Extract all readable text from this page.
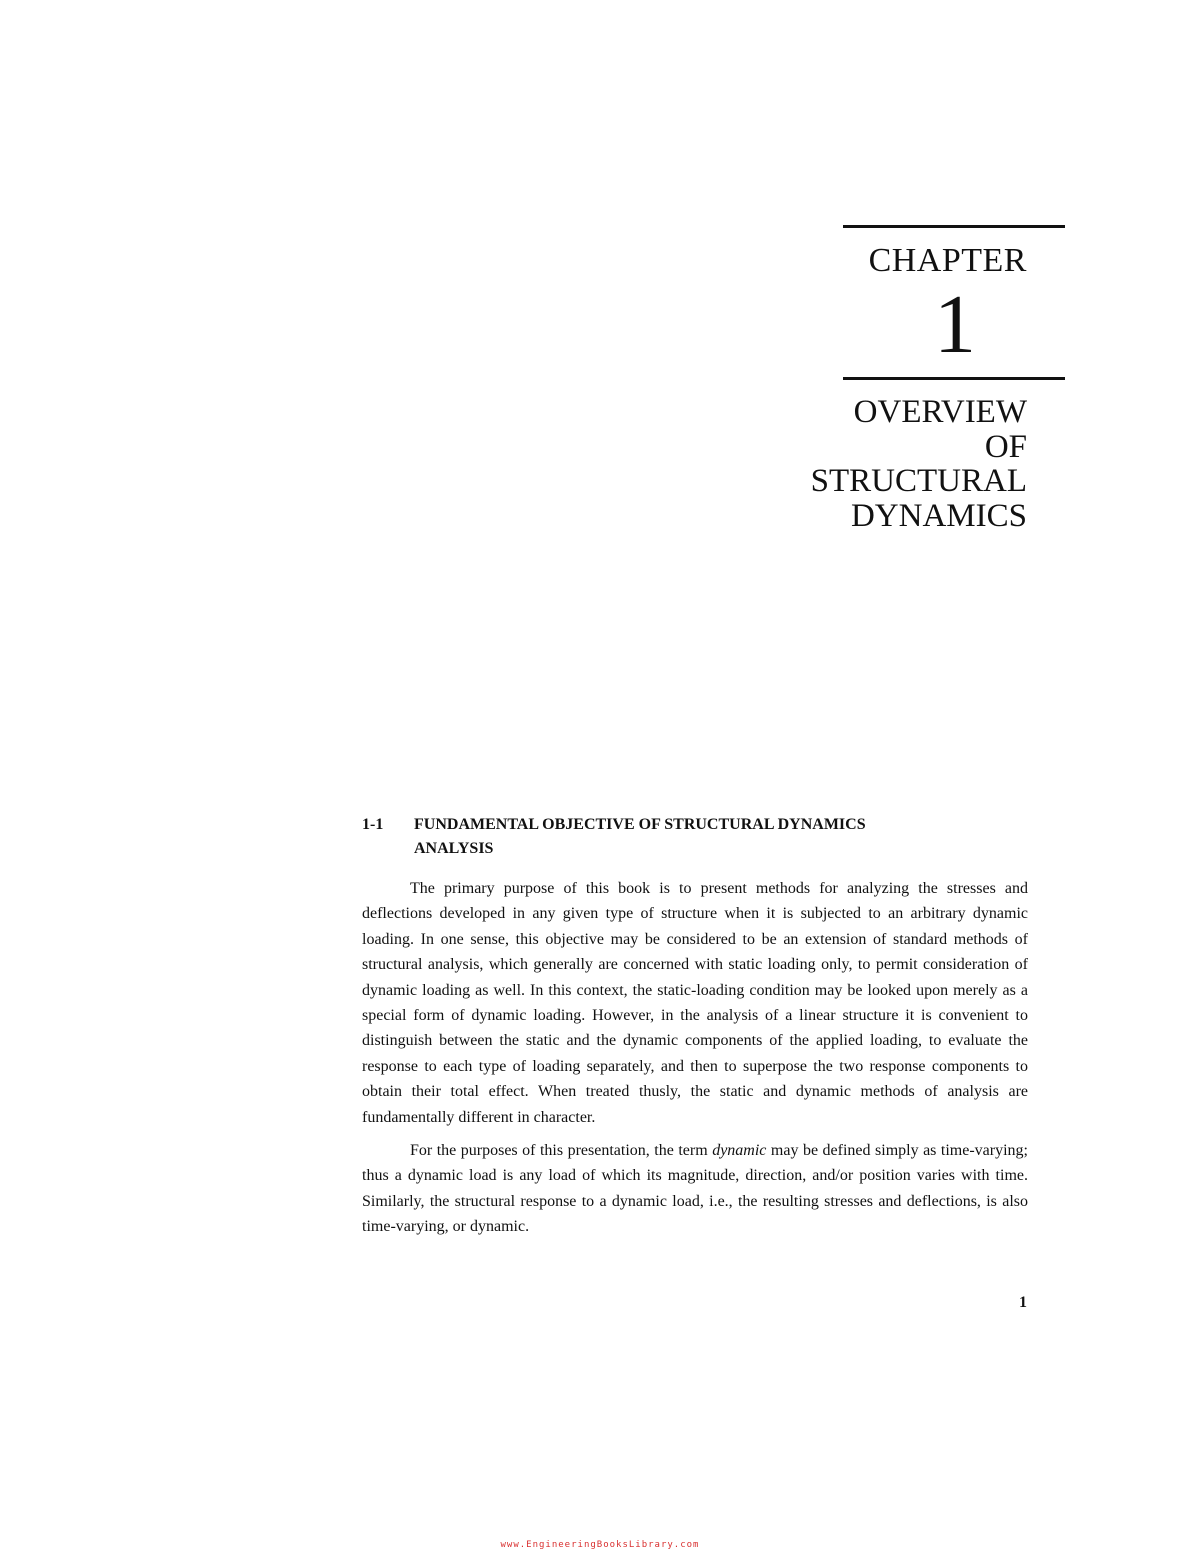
CHAPTER
1
OVERVIEW
OF
STRUCTURAL
DYNAMICS
1-1 FUNDAMENTAL OBJECTIVE OF STRUCTURAL DYNAMICS ANALYSIS

The primary purpose of this book is to present methods for analyzing the stresses and deflections developed in any given type of structure when it is subjected to an arbitrary dynamic loading. In one sense, this objective may be considered to be an extension of standard methods of structural analysis, which generally are concerned with static loading only, to permit consideration of dynamic loading as well. In this context, the static-loading condition may be looked upon merely as a special form of dynamic loading. However, in the analysis of a linear structure it is convenient to distinguish between the static and the dynamic components of the applied loading, to evaluate the response to each type of loading separately, and then to superpose the two response components to obtain their total effect. When treated thusly, the static and dynamic methods of analysis are fundamentally different in character.

For the purposes of this presentation, the term dynamic may be defined simply as time-varying; thus a dynamic load is any load of which its magnitude, direction, and/or position varies with time. Similarly, the structural response to a dynamic load, i.e., the resulting stresses and deflections, is also time-varying, or dynamic.

1
www.EngineeringBooksLibrary.com
